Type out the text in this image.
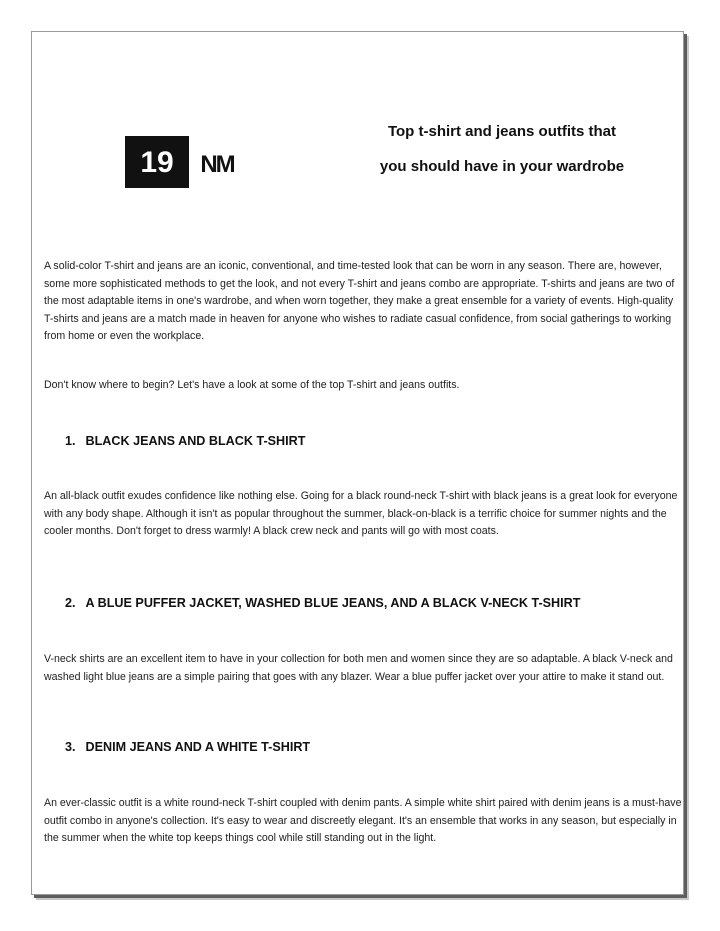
19 NM
Top t-shirt and jeans outfits that
you should have in your wardrobe

A solid-color T-shirt and jeans are an iconic, conventional, and time-tested look that can be worn in any season. There are, however, some more sophisticated methods to get the look, and not every T-shirt and jeans combo are appropriate. T-shirts and jeans are two of the most adaptable items in one's wardrobe, and when worn together, they make a great ensemble for a variety of events. High-quality T-shirts and jeans are a match made in heaven for anyone who wishes to radiate casual confidence, from social gatherings to working from home or even the workplace.

Don't know where to begin? Let's have a look at some of the top T-shirt and jeans outfits.

1. BLACK JEANS AND BLACK T-SHIRT

An all-black outfit exudes confidence like nothing else. Going for a black round-neck T-shirt with black jeans is a great look for everyone with any body shape. Although it isn't as popular throughout the summer, black-on-black is a terrific choice for summer nights and the cooler months. Don't forget to dress warmly! A black crew neck and pants will go with most coats.

2. A BLUE PUFFER JACKET, WASHED BLUE JEANS, AND A BLACK V-NECK T-SHIRT

V-neck shirts are an excellent item to have in your collection for both men and women since they are so adaptable. A black V-neck and washed light blue jeans are a simple pairing that goes with any blazer. Wear a blue puffer jacket over your attire to make it stand out.

3. DENIM JEANS AND A WHITE T-SHIRT

An ever-classic outfit is a white round-neck T-shirt coupled with denim pants. A simple white shirt paired with denim jeans is a must-have outfit combo in anyone's collection. It's easy to wear and discreetly elegant. It's an ensemble that works in any season, but especially in the summer when the white top keeps things cool while still standing out in the light.
